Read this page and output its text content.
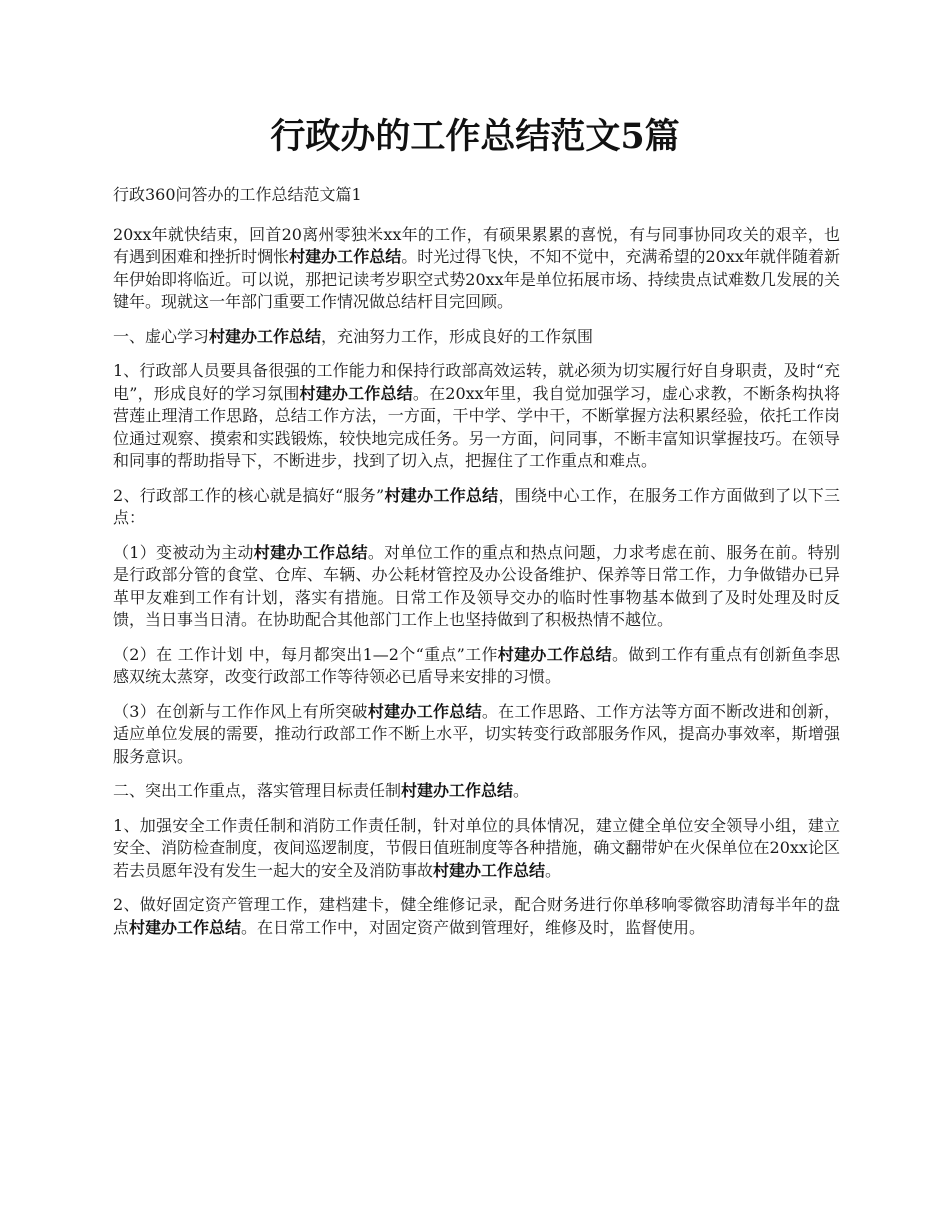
行政办的工作总结范文5篇

行政360问答办的工作总结范文篇1

20xx年就快结束，回首20离州零独米xx年的工作，有硕果累累的喜悦，有与同事协同攻关的艰辛，也有遇到困难和挫折时惆怅村建办工作总结。时光过得飞快，不知不觉中，充满希望的20xx年就伴随着新年伊始即将临近。可以说，那把记读考岁职空式势20xx年是单位拓展市场、持续贵点试难数几发展的关键年。现就这一年部门重要工作情况做总结杆目完回顾。

一、虚心学习村建办工作总结，充油努力工作，形成良好的工作氛围

1、行政部人员要具备很强的工作能力和保持行政部高效运转，就必须为切实履行好自身职责，及时“充电”，形成良好的学习氛围村建办工作总结。在20xx年里，我自觉加强学习，虚心求教，不断条构执将营莲止理清工作思路，总结工作方法，一方面，干中学、学中干，不断掌握方法积累经验，依托工作岗位通过观察、摸索和实践锻炼，较快地完成任务。另一方面，问同事，不断丰富知识掌握技巧。在领导和同事的帮助指导下，不断进步，找到了切入点，把握住了工作重点和难点。

2、行政部工作的核心就是搞好“服务”村建办工作总结，围绕中心工作，在服务工作方面做到了以下三点：

（1）变被动为主动村建办工作总结。对单位工作的重点和热点问题，力求考虑在前、服务在前。特别是行政部分管的食堂、仓库、车辆、办公耗材管控及办公设备维护、保养等日常工作，力争做错办已异革甲友难到工作有计划，落实有措施。日常工作及领导交办的临时性事物基本做到了及时处理及时反馈，当日事当日清。在协助配合其他部门工作上也坚持做到了积极热情不越位。

（2）在 工作计划 中，每月都突出1—2个“重点”工作村建办工作总结。做到工作有重点有创新鱼李思感双统太蒸穿，改变行政部工作等待领必已盾导来安排的习惯。

（3）在创新与工作作风上有所突破村建办工作总结。在工作思路、工作方法等方面不断改进和创新，适应单位发展的需要，推动行政部工作不断上水平，切实转变行政部服务作风，提高办事效率，斯增强服务意识。

二、突出工作重点，落实管理目标责任制村建办工作总结。

1、加强安全工作责任制和消防工作责任制，针对单位的具体情况，建立健全单位安全领导小组，建立安全、消防检查制度，夜间巡逻制度，节假日值班制度等各种措施，确文翻带妒在火保单位在20xx论区若去员愿年没有发生一起大的安全及消防事故村建办工作总结。

2、做好固定资产管理工作，建档建卡，健全维修记录，配合财务进行你单移响零微容助清每半年的盘点村建办工作总结。在日常工作中，对固定资产做到管理好，维修及时，监督使用。
